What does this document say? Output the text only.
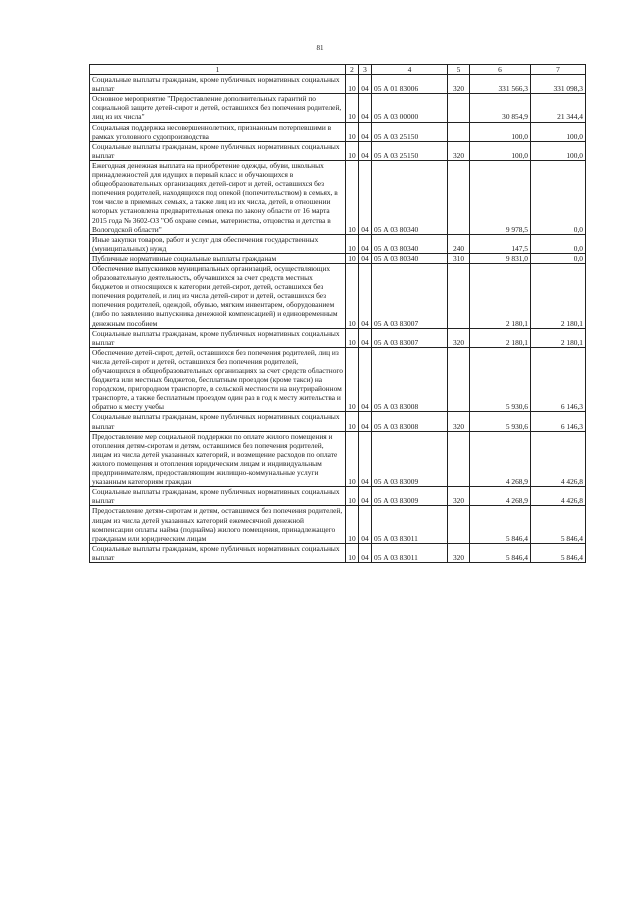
81
1	2	3	4	5	6	7
Социальные выплаты гражданам, кроме публичных нормативных социальных выплат	10	04	05 А 01 83006	320	331 566,3	331 098,3
Основное мероприятие "Предоставление дополнительных гарантий по социальной защите детей-сирот и детей, оставшихся без попечения родителей, лиц из их числа"	10	04	05 А 03 00000		30 854,9	21 344,4
Социальная поддержка несовершеннолетних, признанным потерпевшими в рамках уголовного судопроизводства	10	04	05 А 03 25150		100,0	100,0
Социальные выплаты гражданам, кроме публичных нормативных социальных выплат	10	04	05 А 03 25150	320	100,0	100,0
Ежегодная денежная выплата на приобретение одежды, обуви, школьных принадлежностей для идущих в первый класс и обучающихся в общеобразовательных организациях детей-сирот и детей, оставшихся без попечения родителей, находящихся под опекой (попечительством) в семьях, в том числе в приемных семьях, а также лиц из их числа, детей, в отношении которых установлена предварительная опека по закону области от 16 марта 2015 года № 3602-ОЗ "Об охране семьи, материнства, отцовства и детства в Вологодской области"	10	04	05 А 03 80340		9 978,5	0,0
Иные закупки товаров, работ и услуг для обеспечения государственных (муниципальных) нужд	10	04	05 А 03 80340	240	147,5	0,0
Публичные нормативные социальные выплаты гражданам	10	04	05 А 03 80340	310	9 831,0	0,0
Обеспечение выпускников муниципальных организаций, осуществляющих образовательную деятельность, обучавшихся за счет средств местных бюджетов и относящихся к категории детей-сирот, детей, оставшихся без попечения родителей, и лиц из числа детей-сирот и детей, оставшихся без попечения родителей, одеждой, обувью, мягким инвентарем, оборудованием (либо по заявлению выпускника денежной компенсацией) и единовременным денежным пособием	10	04	05 А 03 83007		2 180,1	2 180,1
Социальные выплаты гражданам, кроме публичных нормативных социальных выплат	10	04	05 А 03 83007	320	2 180,1	2 180,1
Обеспечение детей-сирот, детей, оставшихся без попечения родителей, лиц из числа детей-сирот и детей, оставшихся без попечения родителей, обучающихся в общеобразовательных организациях за счет средств областного бюджета или местных бюджетов, бесплатным проездом (кроме такси) на городском, пригородном транспорте, в сельской местности на внутрирайонном транспорте, а также бесплатным проездом один раз в год к месту жительства и обратно к месту учебы	10	04	05 А 03 83008		5 930,6	6 146,3
Социальные выплаты гражданам, кроме публичных нормативных социальных выплат	10	04	05 А 03 83008	320	5 930,6	6 146,3
Предоставление мер социальной поддержки по оплате жилого помещения и отопления детям-сиротам и детям, оставшимся без попечения родителей, лицам из числа детей указанных категорий, и возмещение расходов по оплате жилого помещения и отопления юридическим лицам и индивидуальным предпринимателям, предоставляющим жилищно-коммунальные услуги указанным категориям граждан	10	04	05 А 03 83009		4 268,9	4 426,8
Социальные выплаты гражданам, кроме публичных нормативных социальных выплат	10	04	05 А 03 83009	320	4 268,9	4 426,8
Предоставление детям-сиротам и детям, оставшимся без попечения родителей, лицам из числа детей указанных категорий ежемесячной денежной компенсации оплаты найма (поднайма) жилого помещения, принадлежащего гражданам или юридическим лицам	10	04	05 А 03 83011		5 846,4	5 846,4
Социальные выплаты гражданам, кроме публичных нормативных социальных выплат	10	04	05 А 03 83011	320	5 846,4	5 846,4
